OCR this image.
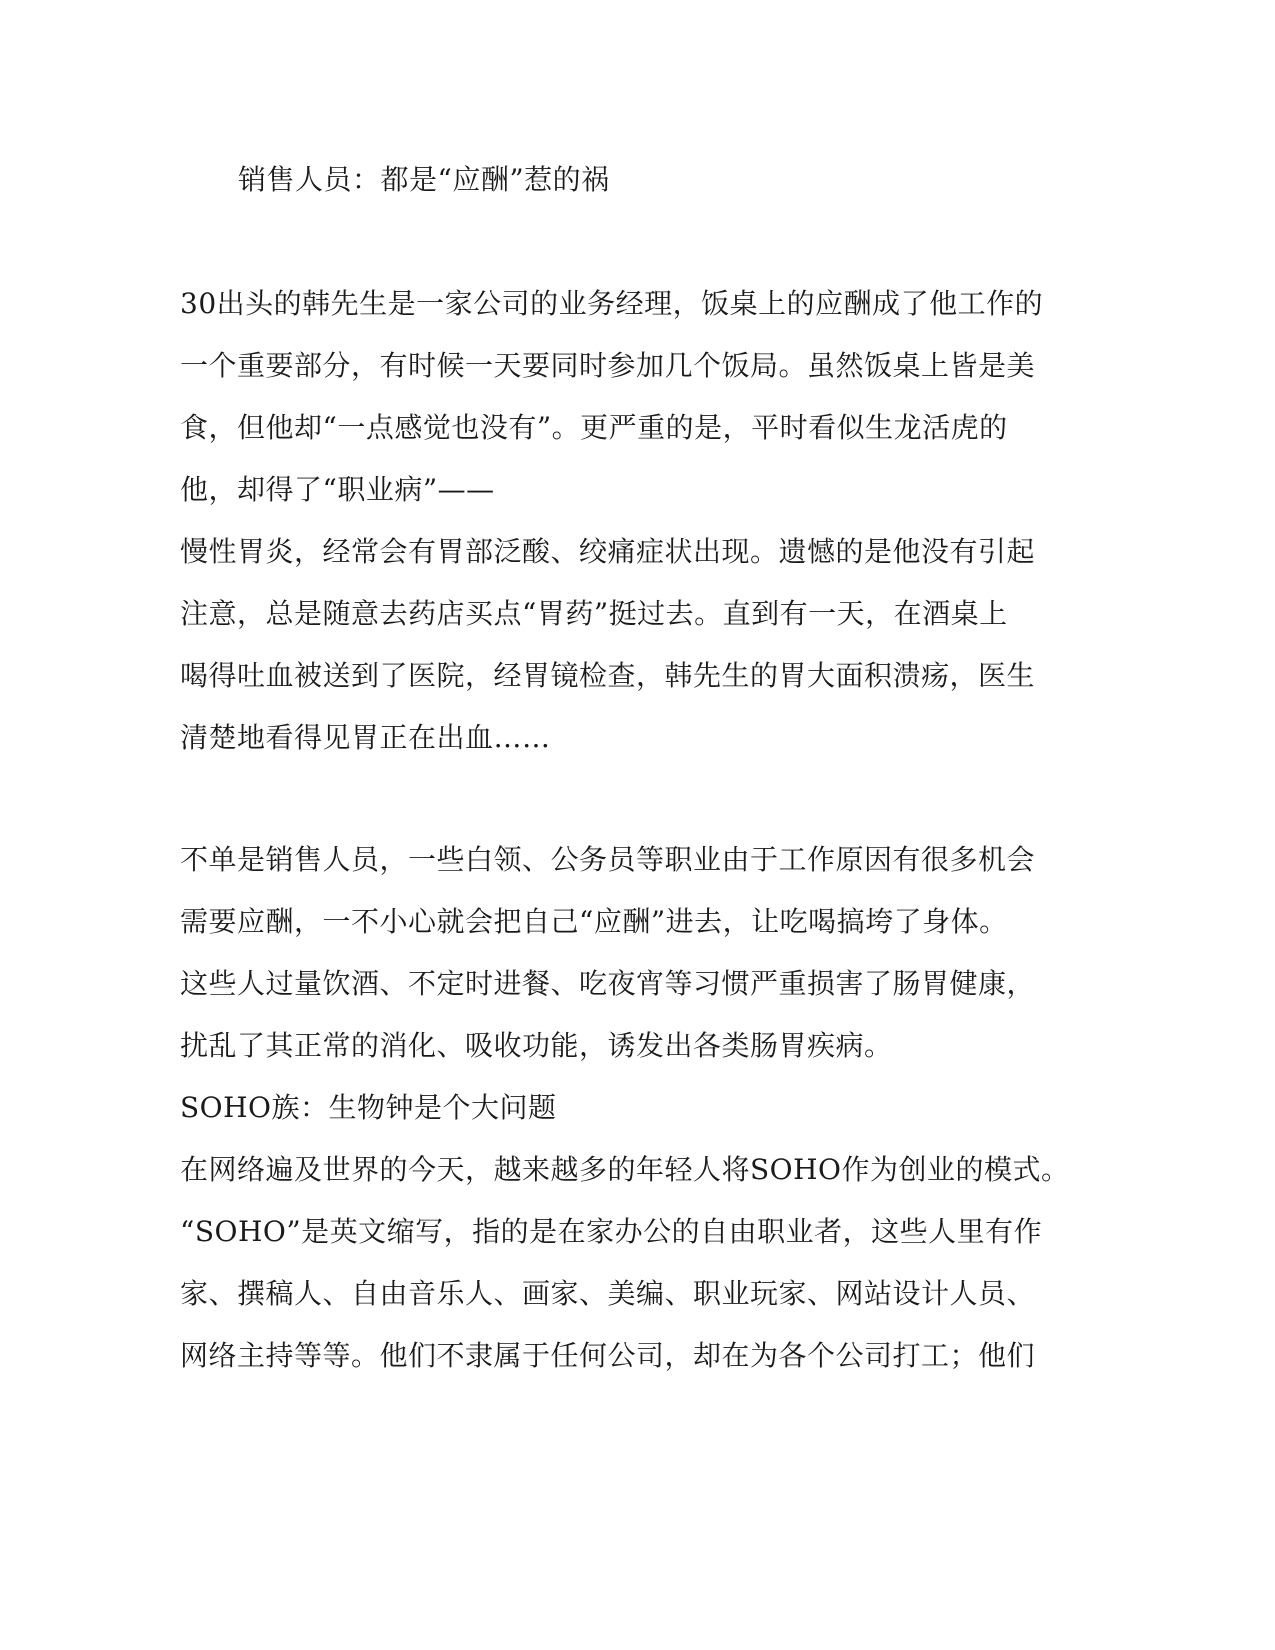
销售人员：都是“应酬”惹的祸
30出头的韩先生是一家公司的业务经理，饭桌上的应酬成了他工作的
一个重要部分，有时候一天要同时参加几个饭局。虽然饭桌上皆是美
食，但他却“一点感觉也没有”。更严重的是，平时看似生龙活虎的
他，却得了“职业病”——
慢性胃炎，经常会有胃部泛酸、绞痛症状出现。遗憾的是他没有引起
注意，总是随意去药店买点“胃药”挺过去。直到有一天，在酒桌上
喝得吐血被送到了医院，经胃镜检查，韩先生的胃大面积溃疡，医生
清楚地看得见胃正在出血……
不单是销售人员，一些白领、公务员等职业由于工作原因有很多机会
需要应酬，一不小心就会把自己“应酬”进去，让吃喝搞垮了身体。
这些人过量饮酒、不定时进餐、吃夜宵等习惯严重损害了肠胃健康，
扰乱了其正常的消化、吸收功能，诱发出各类肠胃疾病。
SOHO族：生物钟是个大问题
在网络遍及世界的今天，越来越多的年轻人将SOHO作为创业的模式。
“SOHO”是英文缩写，指的是在家办公的自由职业者，这些人里有作
家、撰稿人、自由音乐人、画家、美编、职业玩家、网站设计人员、
网络主持等等。他们不隶属于任何公司，却在为各个公司打工；他们
